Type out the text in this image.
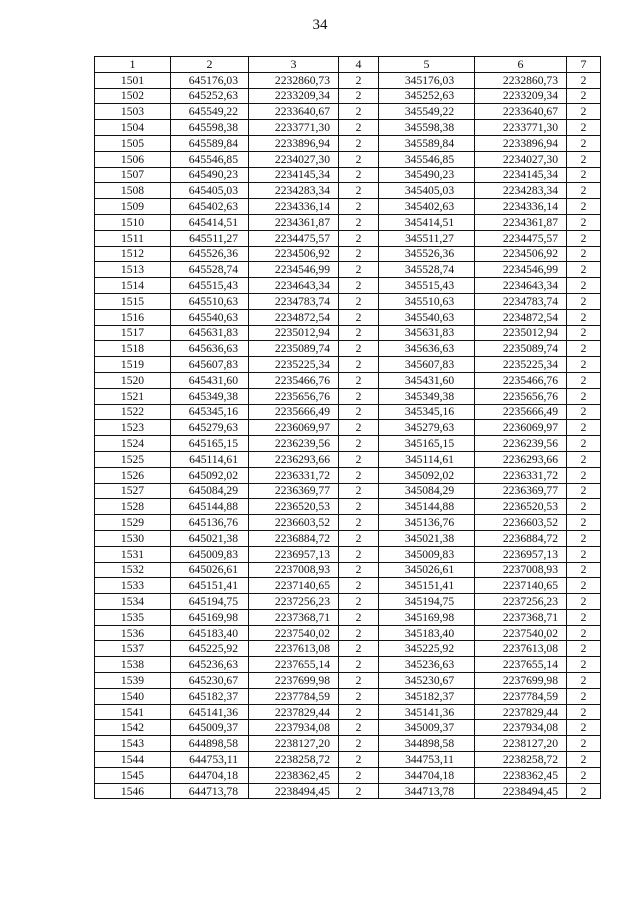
34
1	2	3	4	5	6	7
1501	645176,03	2232860,73	2	345176,03	2232860,73	2
1502	645252,63	2233209,34	2	345252,63	2233209,34	2
1503	645549,22	2233640,67	2	345549,22	2233640,67	2
1504	645598,38	2233771,30	2	345598,38	2233771,30	2
1505	645589,84	2233896,94	2	345589,84	2233896,94	2
1506	645546,85	2234027,30	2	345546,85	2234027,30	2
1507	645490,23	2234145,34	2	345490,23	2234145,34	2
1508	645405,03	2234283,34	2	345405,03	2234283,34	2
1509	645402,63	2234336,14	2	345402,63	2234336,14	2
1510	645414,51	2234361,87	2	345414,51	2234361,87	2
1511	645511,27	2234475,57	2	345511,27	2234475,57	2
1512	645526,36	2234506,92	2	345526,36	2234506,92	2
1513	645528,74	2234546,99	2	345528,74	2234546,99	2
1514	645515,43	2234643,34	2	345515,43	2234643,34	2
1515	645510,63	2234783,74	2	345510,63	2234783,74	2
1516	645540,63	2234872,54	2	345540,63	2234872,54	2
1517	645631,83	2235012,94	2	345631,83	2235012,94	2
1518	645636,63	2235089,74	2	345636,63	2235089,74	2
1519	645607,83	2235225,34	2	345607,83	2235225,34	2
1520	645431,60	2235466,76	2	345431,60	2235466,76	2
1521	645349,38	2235656,76	2	345349,38	2235656,76	2
1522	645345,16	2235666,49	2	345345,16	2235666,49	2
1523	645279,63	2236069,97	2	345279,63	2236069,97	2
1524	645165,15	2236239,56	2	345165,15	2236239,56	2
1525	645114,61	2236293,66	2	345114,61	2236293,66	2
1526	645092,02	2236331,72	2	345092,02	2236331,72	2
1527	645084,29	2236369,77	2	345084,29	2236369,77	2
1528	645144,88	2236520,53	2	345144,88	2236520,53	2
1529	645136,76	2236603,52	2	345136,76	2236603,52	2
1530	645021,38	2236884,72	2	345021,38	2236884,72	2
1531	645009,83	2236957,13	2	345009,83	2236957,13	2
1532	645026,61	2237008,93	2	345026,61	2237008,93	2
1533	645151,41	2237140,65	2	345151,41	2237140,65	2
1534	645194,75	2237256,23	2	345194,75	2237256,23	2
1535	645169,98	2237368,71	2	345169,98	2237368,71	2
1536	645183,40	2237540,02	2	345183,40	2237540,02	2
1537	645225,92	2237613,08	2	345225,92	2237613,08	2
1538	645236,63	2237655,14	2	345236,63	2237655,14	2
1539	645230,67	2237699,98	2	345230,67	2237699,98	2
1540	645182,37	2237784,59	2	345182,37	2237784,59	2
1541	645141,36	2237829,44	2	345141,36	2237829,44	2
1542	645009,37	2237934,08	2	345009,37	2237934,08	2
1543	644898,58	2238127,20	2	344898,58	2238127,20	2
1544	644753,11	2238258,72	2	344753,11	2238258,72	2
1545	644704,18	2238362,45	2	344704,18	2238362,45	2
1546	644713,78	2238494,45	2	344713,78	2238494,45	2
